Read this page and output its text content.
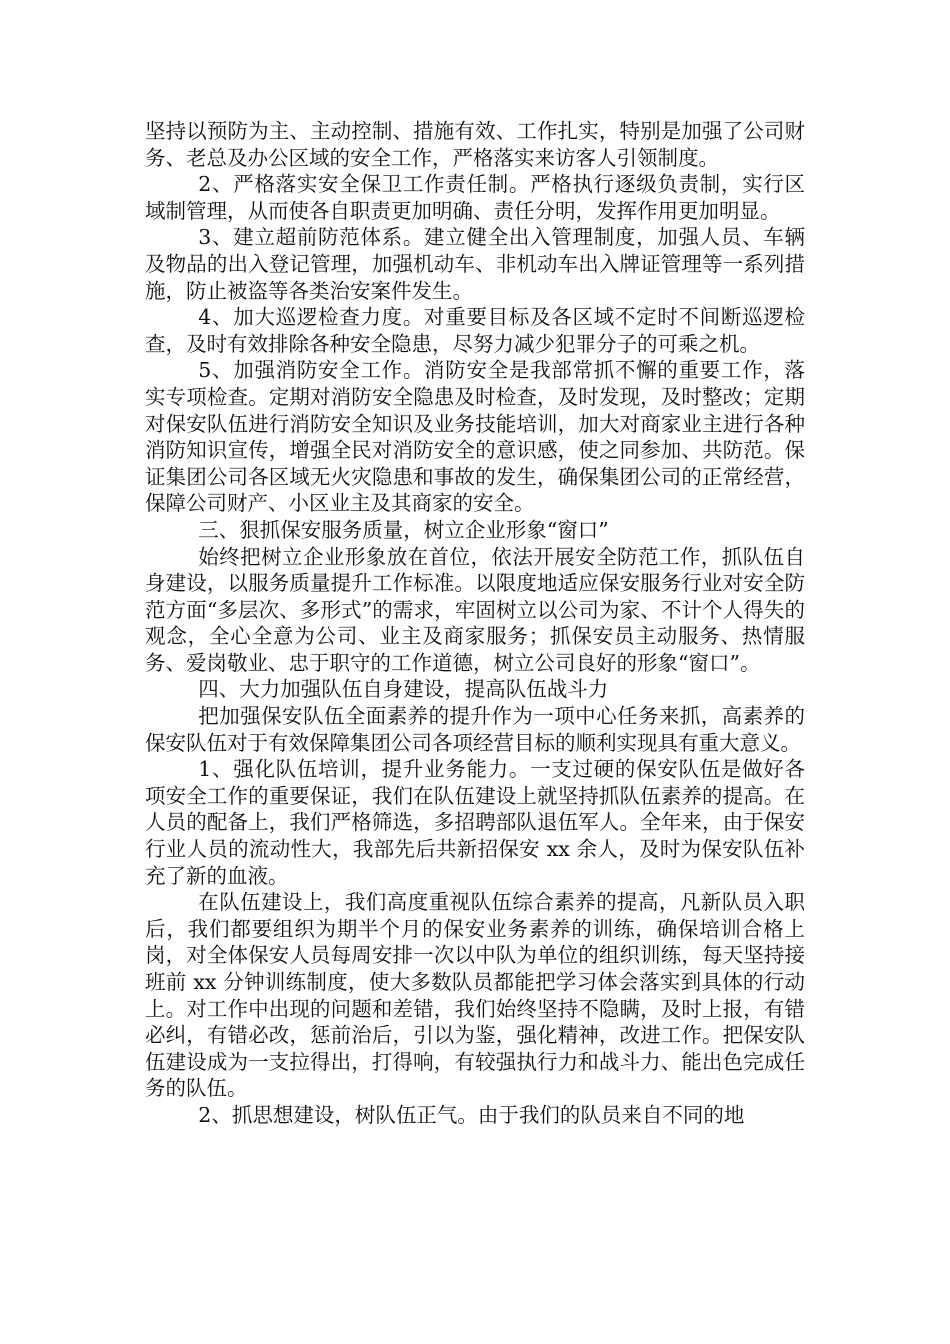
坚持以预防为主、主动控制、措施有效、工作扎实，特别是加强了公司财务、老总及办公区域的安全工作，严格落实来访客人引领制度。

2、严格落实安全保卫工作责任制。严格执行逐级负责制，实行区域制管理，从而使各自职责更加明确、责任分明，发挥作用更加明显。

3、建立超前防范体系。建立健全出入管理制度，加强人员、车辆及物品的出入登记管理，加强机动车、非机动车出入牌证管理等一系列措施，防止被盗等各类治安案件发生。

4、加大巡逻检查力度。对重要目标及各区域不定时不间断巡逻检查，及时有效排除各种安全隐患，尽努力减少犯罪分子的可乘之机。

5、加强消防安全工作。消防安全是我部常抓不懈的重要工作，落实专项检查。定期对消防安全隐患及时检查，及时发现，及时整改；定期对保安队伍进行消防安全知识及业务技能培训，加大对商家业主进行各种消防知识宣传，增强全民对消防安全的意识感，使之同参加、共防范。保证集团公司各区域无火灾隐患和事故的发生，确保集团公司的正常经营，保障公司财产、小区业主及其商家的安全。

三、狠抓保安服务质量，树立企业形象“窗口”

始终把树立企业形象放在首位，依法开展安全防范工作，抓队伍自身建设，以服务质量提升工作标准。以限度地适应保安服务行业对安全防范方面“多层次、多形式”的需求，牢固树立以公司为家、不计个人得失的观念，全心全意为公司、业主及商家服务；抓保安员主动服务、热情服务、爱岗敬业、忠于职守的工作道德，树立公司良好的形象“窗口”。

四、大力加强队伍自身建设，提高队伍战斗力

把加强保安队伍全面素养的提升作为一项中心任务来抓，高素养的保安队伍对于有效保障集团公司各项经营目标的顺利实现具有重大意义。

1、强化队伍培训，提升业务能力。一支过硬的保安队伍是做好各项安全工作的重要保证，我们在队伍建设上就坚持抓队伍素养的提高。在人员的配备上，我们严格筛选，多招聘部队退伍军人。全年来，由于保安行业人员的流动性大，我部先后共新招保安 xx 余人，及时为保安队伍补充了新的血液。

在队伍建设上，我们高度重视队伍综合素养的提高，凡新队员入职后，我们都要组织为期半个月的保安业务素养的训练，确保培训合格上岗，对全体保安人员每周安排一次以中队为单位的组织训练，每天坚持接班前 xx 分钟训练制度，使大多数队员都能把学习体会落实到具体的行动上。对工作中出现的问题和差错，我们始终坚持不隐瞒，及时上报，有错必纠，有错必改，惩前治后，引以为鉴，强化精神，改进工作。把保安队伍建设成为一支拉得出，打得响，有较强执行力和战斗力、能出色完成任务的队伍。

2、抓思想建设，树队伍正气。由于我们的队员来自不同的地
